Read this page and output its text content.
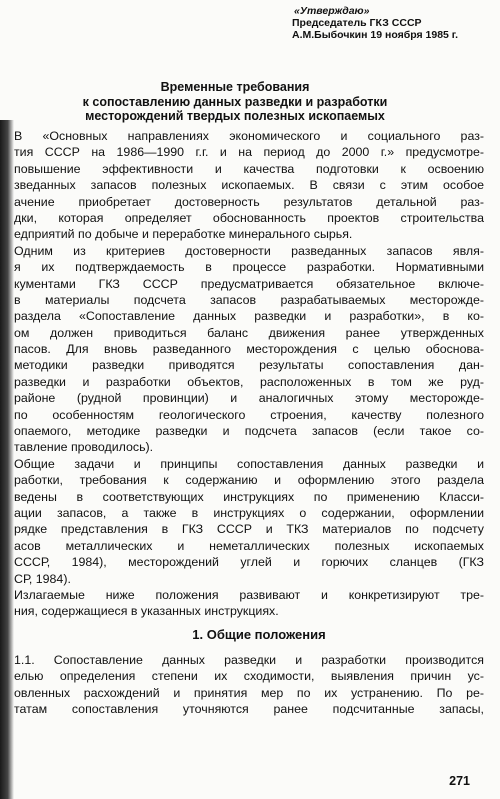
«Утверждаю»
Председатель ГКЗ СССР
А.М.Быбочкин 19 ноября 1985 г.
Временные требования
к сопоставлению данных разведки и разработки
месторождений твердых полезных ископаемых
В «Основных направлениях экономического и социального раз-
тия СССР на 1986—1990 г.г. и на период до 2000 г.» предусмотре-
повышение эффективности и качества подготовки к освоению
зведанных запасов полезных ископаемых. В связи с этим особое
ачение приобретает достоверность результатов детальной раз-
дки, которая определяет обоснованность проектов строительства
едприятий по добыче и переработке минерального сырья.
Одним из критериев достоверности разведанных запасов явля-
я их подтверждаемость в процессе разработки. Нормативными
кументами ГКЗ СССР предусматривается обязательное включе-
в материалы подсчета запасов разрабатываемых месторожде-
раздела «Сопоставление данных разведки и разработки», в ко-
ом должен приводиться баланс движения ранее утвержденных
пасов. Для вновь разведанного месторождения с целью обоснова-
методики разведки приводятся результаты сопоставления дан-
разведки и разработки объектов, расположенных в том же руд-
районе (рудной провинции) и аналогичных этому месторожде-
по особенностям геологического строения, качеству полезного
опаемого, методике разведки и подсчета запасов (если такое со-
тавление проводилось).
Общие задачи и принципы сопоставления данных разведки и
работки, требования к содержанию и оформлению этого раздела
ведены в соответствующих инструкциях по применению Класси-
ации запасов, а также в инструкциях о содержании, оформлении
рядке представления в ГКЗ СССР и ТКЗ материалов по подсчету
асов металлических и неметаллических полезных ископаемых
СССР, 1984), месторождений углей и горючих сланцев (ГКЗ
СР, 1984).
Излагаемые ниже положения развивают и конкретизируют тре-
ния, содержащиеся в указанных инструкциях.
1. Общие положения
1.1. Сопоставление данных разведки и разработки производится
елью определения степени их сходимости, выявления причин ус-
овленных расхождений и принятия мер по их устранению. По ре-
татам сопоставления уточняются ранее подсчитанные запасы,
271
